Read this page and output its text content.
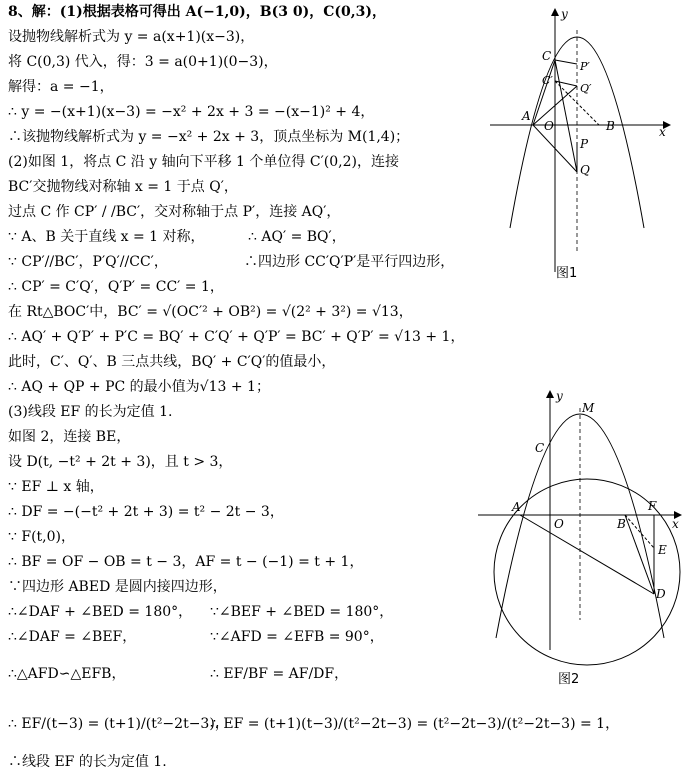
8、解：(1)根据表格可得出 A(−1,0)，B(3 0)，C(0,3)，
设抛物线解析式为 y = a(x+1)(x−3)，
将 C(0,3) 代入，得：3 = a(0+1)(0−3)，
解得：a = −1，
∴ y = −(x+1)(x−3) = −x² + 2x + 3 = −(x−1)² + 4，
∴该抛物线解析式为 y = −x² + 2x + 3，顶点坐标为 M(1,4)；
(2)如图 1，将点 C 沿 y 轴向下平移 1 个单位得 C′(0,2)，连接
BC′交抛物线对称轴 x = 1 于点 Q′，
过点 C 作 CP′ / /BC′，交对称轴于点 P′，连接 AQ′，
∵ A、B 关于直线 x = 1 对称，	∴ AQ′ = BQ′，
∵ CP′//BC′，P′Q′//CC′，	∴四边形 CC′Q′P′是平行四边形，
∴ CP′ = C′Q′，Q′P′ = CC′ = 1，
在 Rt△BOC′中，BC′ = √(OC′² + OB²) = √(2² + 3²) = √13，
∴ AQ′ + Q′P′ + P′C = BQ′ + C′Q′ + Q′P′ = BC′ + Q′P′ = √13 + 1，
此时，C′、Q′、B 三点共线，BQ′ + C′Q′的值最小，
∴ AQ + QP + PC 的最小值为√13 + 1；
(3)线段 EF 的长为定值 1.
如图 2，连接 BE，
设 D(t, −t² + 2t + 3)，且 t > 3，
∵ EF ⊥ x 轴，
∴ DF = −(−t² + 2t + 3) = t² − 2t − 3，
∵ F(t,0)，
∴ BF = OF − OB = t − 3，AF = t − (−1) = t + 1，
∵四边形 ABED 是圆内接四边形，
∴∠DAF + ∠BED = 180°， ∵∠BEF + ∠BED = 180°，
∴∠DAF = ∠BEF，	∵∠AFD = ∠EFB = 90°，
∴△AFD∽△EFB，	∴ EF/BF = AF/DF，
∴ EF/(t−3) = (t+1)/(t²−2t−3)，
∴ EF = (t+1)(t−3)/(t²−2t−3) = (t²−2t−3)/(t²−2t−3) = 1，
∴线段 EF 的长为定值 1.
y
x
C
C′
P′
Q′
A
O	B
P
Q
图1
y
x
M
C
A
O	B
F
E
D
图2
